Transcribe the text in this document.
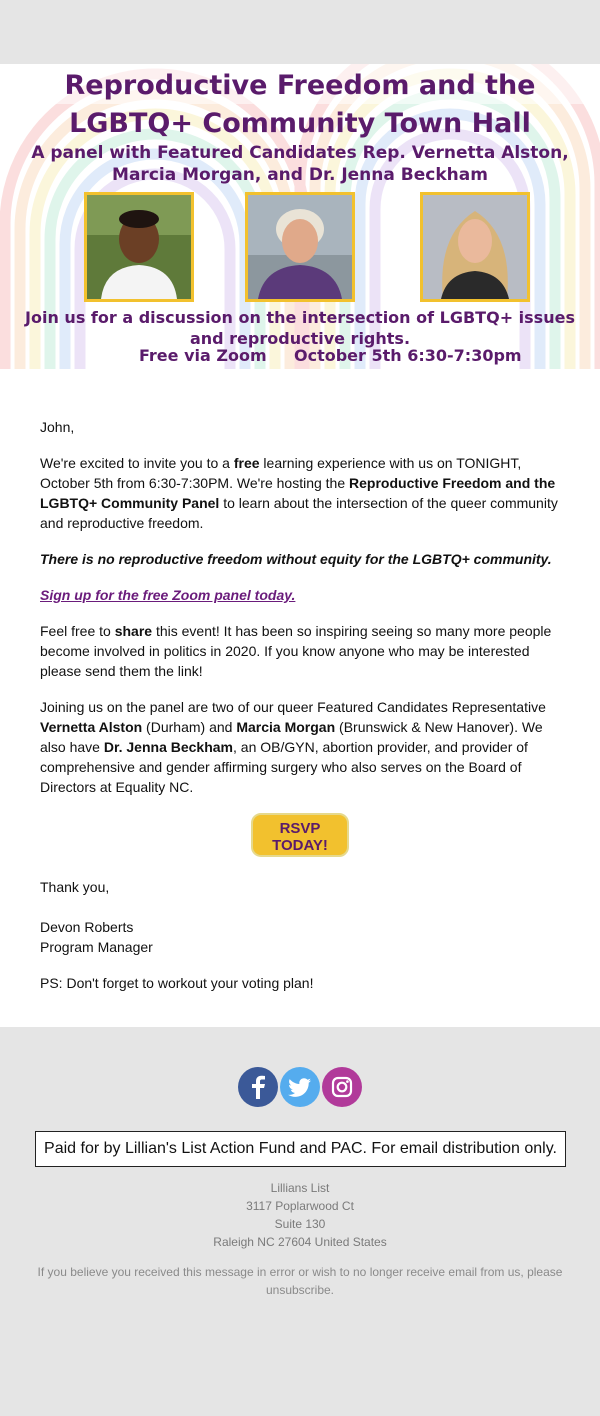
Reproductive Freedom and the
LGBTQ+ Community Town Hall
A panel with Featured Candidates Rep. Vernetta Alston,
Marcia Morgan, and Dr. Jenna Beckham
Join us for a discussion on the intersection of LGBTQ+ issues
and reproductive rights.
Free via Zoom October 5th 6:30-7:30pm

John,

We're excited to invite you to a free learning experience with us on TONIGHT, October 5th from 6:30-7:30PM. We're hosting the Reproductive Freedom and the LGBTQ+ Community Panel to learn about the intersection of the queer community and reproductive freedom.

There is no reproductive freedom without equity for the LGBTQ+ community.

Sign up for the free Zoom panel today.

Feel free to share this event! It has been so inspiring seeing so many more people become involved in politics in 2020. If you know anyone who may be interested please send them the link!

Joining us on the panel are two of our queer Featured Candidates Representative Vernetta Alston (Durham) and Marcia Morgan (Brunswick & New Hanover). We also have Dr. Jenna Beckham, an OB/GYN, abortion provider, and provider of comprehensive and gender affirming surgery who also serves on the Board of Directors at Equality NC.

RSVP
TODAY!

Thank you,

Devon Roberts
Program Manager

PS: Don't forget to workout your voting plan!

Paid for by Lillian's List Action Fund and PAC. For email distribution only.
Lillians List
3117 Poplarwood Ct
Suite 130
Raleigh NC 27604 United States
If you believe you received this message in error or wish to no longer receive email from us, please unsubscribe.
